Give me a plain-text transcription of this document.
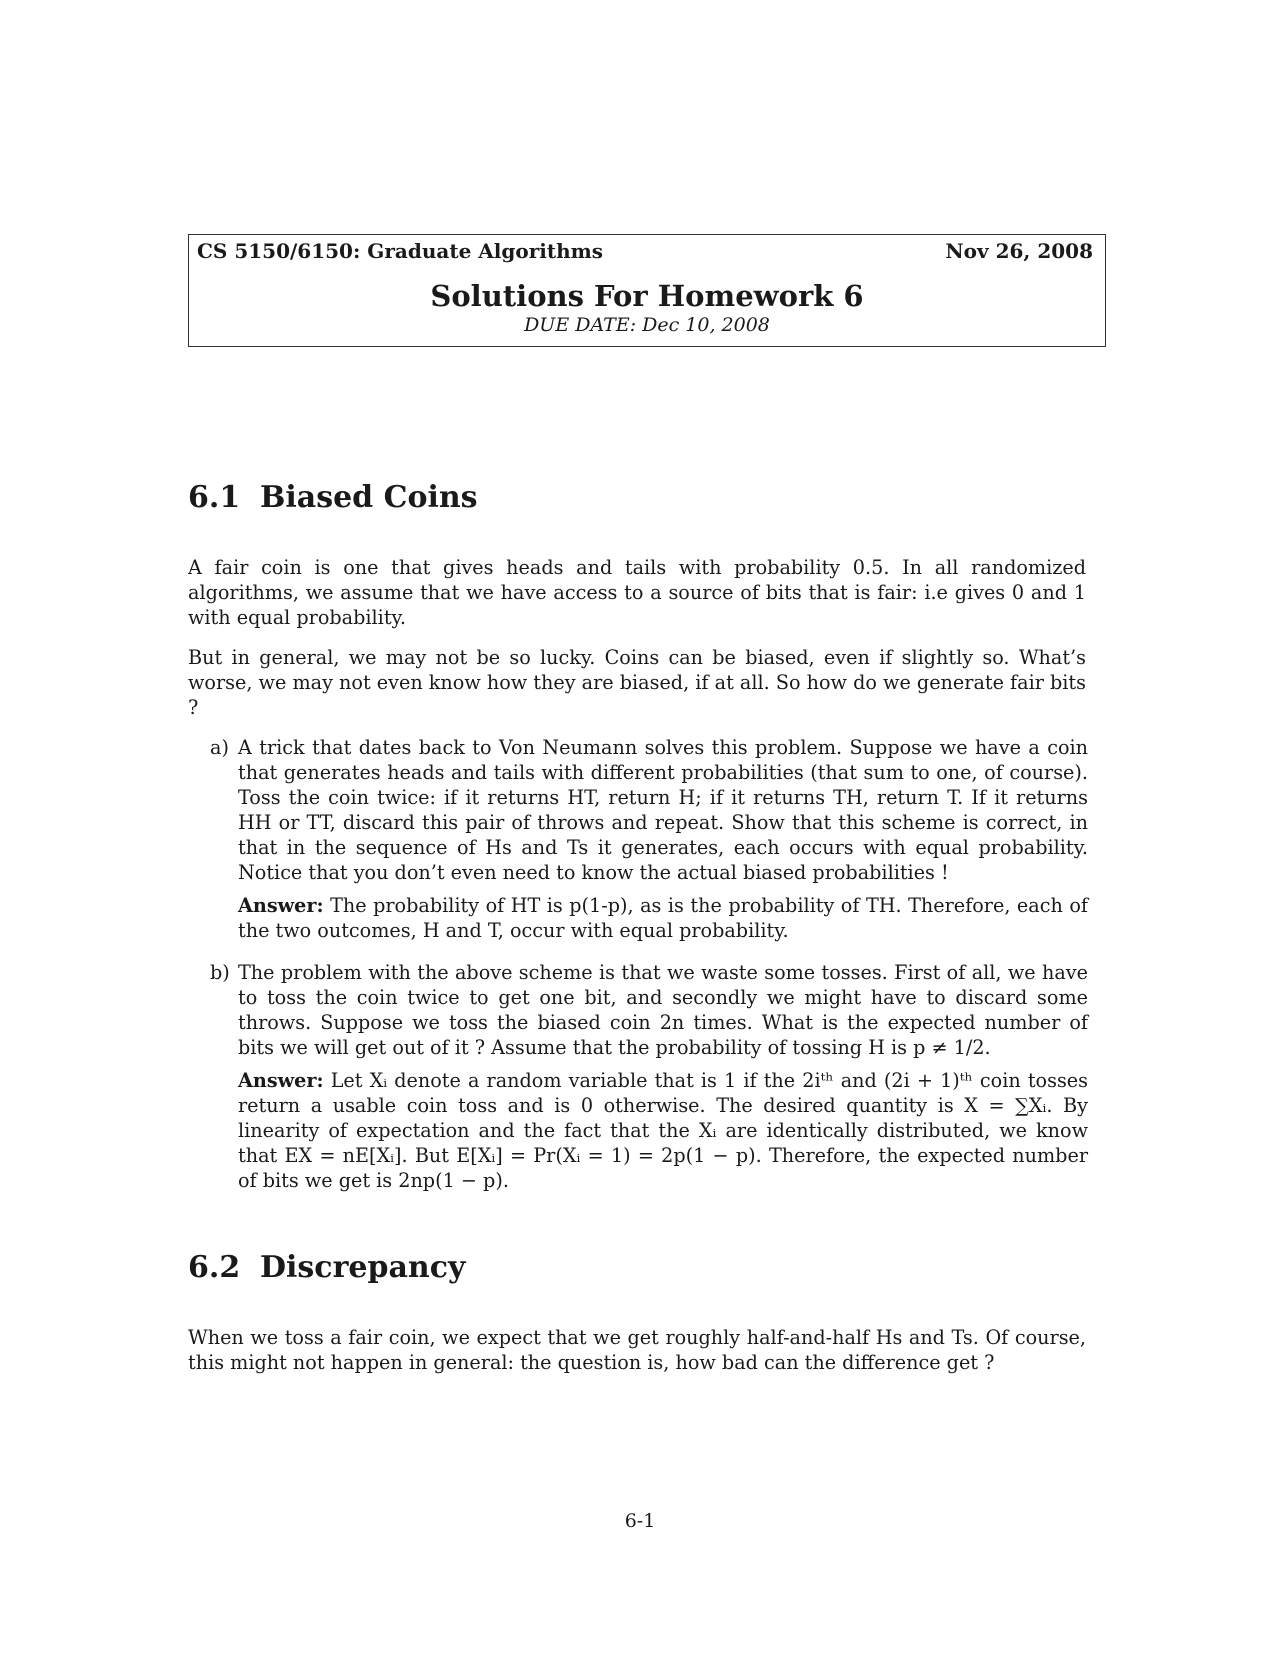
CS 5150/6150: Graduate Algorithms	Nov 26, 2008
Solutions For Homework 6
DUE DATE: Dec 10, 2008
6.1 Biased Coins
A fair coin is one that gives heads and tails with probability 0.5. In all randomized algorithms, we assume that we have access to a source of bits that is fair: i.e gives 0 and 1 with equal probability.
But in general, we may not be so lucky. Coins can be biased, even if slightly so. What’s worse, we may not even know how they are biased, if at all. So how do we generate fair bits ?
a) A trick that dates back to Von Neumann solves this problem. Suppose we have a coin that generates heads and tails with different probabilities (that sum to one, of course). Toss the coin twice: if it returns HT, return H; if it returns TH, return T. If it returns HH or TT, discard this pair of throws and repeat. Show that this scheme is correct, in that in the sequence of Hs and Ts it generates, each occurs with equal probability. Notice that you don’t even need to know the actual biased probabilities !
Answer: The probability of HT is p(1-p), as is the probability of TH. Therefore, each of the two outcomes, H and T, occur with equal probability.
b) The problem with the above scheme is that we waste some tosses. First of all, we have to toss the coin twice to get one bit, and secondly we might have to discard some throws. Suppose we toss the biased coin 2n times. What is the expected number of bits we will get out of it ? Assume that the probability of tossing H is p ≠ 1/2.
Answer: Let Xᵢ denote a random variable that is 1 if the 2iᵗʰ and (2i + 1)ᵗʰ coin tosses return a usable coin toss and is 0 otherwise. The desired quantity is X = ∑Xᵢ. By linearity of expectation and the fact that the Xᵢ are identically distributed, we know that EX = nE[Xᵢ]. But E[Xᵢ] = Pr(Xᵢ = 1) = 2p(1 − p). Therefore, the expected number of bits we get is 2np(1 − p).
6.2 Discrepancy
When we toss a fair coin, we expect that we get roughly half-and-half Hs and Ts. Of course, this might not happen in general: the question is, how bad can the difference get ?
6-1
